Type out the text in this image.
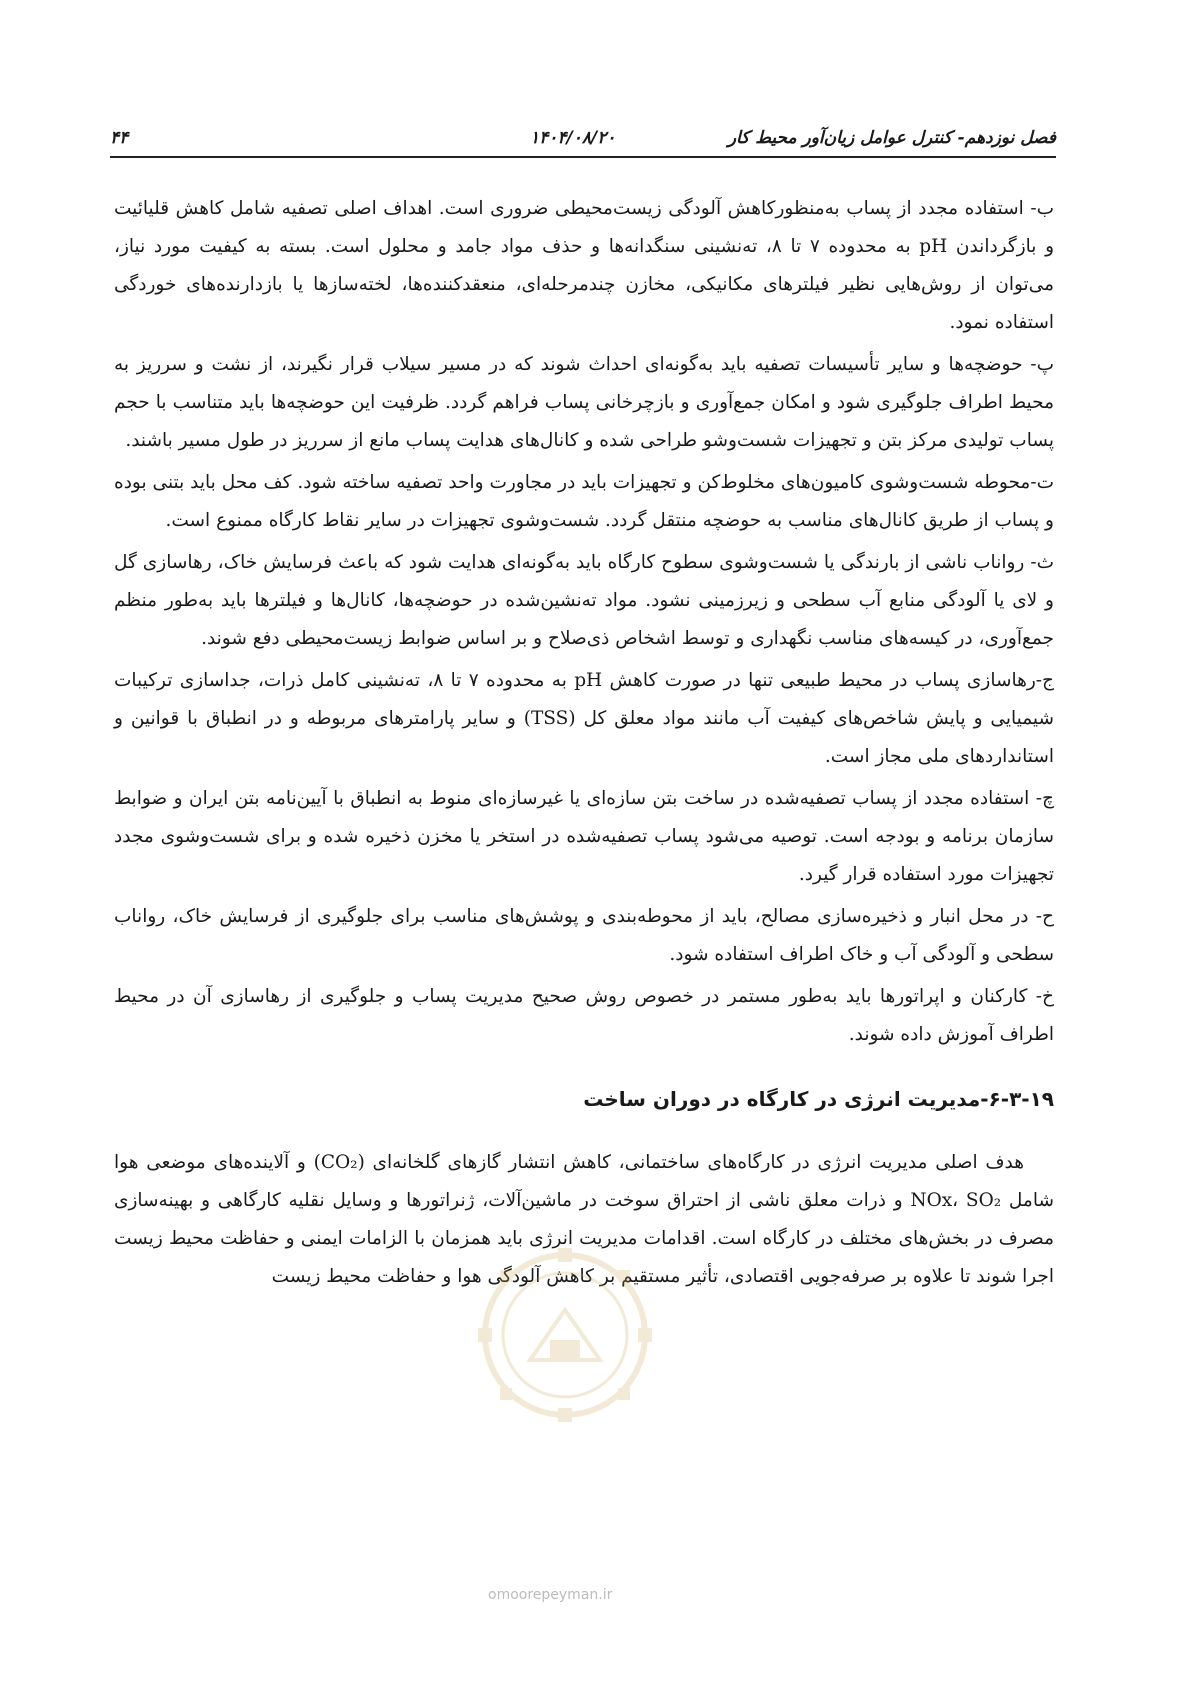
فصل نوزدهم- کنترل عوامل زیان‌آور محیط کار
۱۴۰۴/۰۸/۲۰
۴۴

ب- استفاده مجدد از پساب به‌منظورکاهش آلودگی زیست‌محیطی ضروری است. اهداف اصلی تصفیه شامل کاهش قلیائیت و بازگرداندن pH به محدوده ۷ تا ۸، ته‌نشینی سنگدانه‌ها و حذف مواد جامد و محلول است. بسته به کیفیت مورد نیاز، می‌توان از روش‌هایی نظیر فیلترهای مکانیکی، مخازن چندمرحله‌ای، منعقدکننده‌ها، لخته‌سازها یا بازدارنده‌های خوردگی استفاده نمود.

پ- حوضچه‌ها و سایر تأسیسات تصفیه باید به‌گونه‌ای احداث شوند که در مسیر سیلاب قرار نگیرند، از نشت و سرریز به محیط اطراف جلوگیری شود و امکان جمع‌آوری و بازچرخانی پساب فراهم گردد. ظرفیت این حوضچه‌ها باید متناسب با حجم پساب تولیدی مرکز بتن و تجهیزات شست‌وشو طراحی شده و کانال‌های هدایت پساب مانع از سرریز در طول مسیر باشند.

ت-محوطه شست‌وشوی کامیون‌های مخلوط‌کن و تجهیزات باید در مجاورت واحد تصفیه ساخته شود. کف محل باید بتنی بوده و پساب از طریق کانال‌های مناسب به حوضچه منتقل گردد. شست‌وشوی تجهیزات در سایر نقاط کارگاه ممنوع است.

ث- رواناب ناشی از بارندگی یا شست‌وشوی سطوح کارگاه باید به‌گونه‌ای هدایت شود که باعث فرسایش خاک، رهاسازی گل و لای یا آلودگی منابع آب سطحی و زیرزمینی نشود. مواد ته‌نشین‌شده در حوضچه‌ها، کانال‌ها و فیلترها باید به‌طور منظم جمع‌آوری، در کیسه‌های مناسب نگهداری و توسط اشخاص ذی‌صلاح و بر اساس ضوابط زیست‌محیطی دفع شوند.

ج-رهاسازی پساب در محیط طبیعی تنها در صورت کاهش pH به محدوده ۷ تا ۸، ته‌نشینی کامل ذرات، جداسازی ترکیبات شیمیایی و پایش شاخص‌های کیفیت آب مانند مواد معلق کل (TSS) و سایر پارامترهای مربوطه و در انطباق با قوانین و استانداردهای ملی مجاز است.

چ- استفاده مجدد از پساب تصفیه‌شده در ساخت بتن سازه‌ای یا غیرسازه‌ای منوط به انطباق با آیین‌نامه بتن ایران و ضوابط سازمان برنامه و بودجه است. توصیه می‌شود پساب تصفیه‌شده در استخر یا مخزن ذخیره شده و برای شست‌وشوی مجدد تجهیزات مورد استفاده قرار گیرد.

ح- در محل انبار و ذخیره‌سازی مصالح، باید از محوطه‌بندی و پوشش‌های مناسب برای جلوگیری از فرسایش خاک، رواناب سطحی و آلودگی آب و خاک اطراف استفاده شود.

خ- کارکنان و اپراتورها باید به‌طور مستمر در خصوص روش صحیح مدیریت پساب و جلوگیری از رهاسازی آن در محیط اطراف آموزش داده شوند.

۶-۳-۱۹-مدیریت انرژی در کارگاه در دوران ساخت

هدف اصلی مدیریت انرژی در کارگاه‌های ساختمانی، کاهش انتشار گازهای گلخانه‌ای (CO₂) و آلاینده‌های موضعی هوا شامل NOx، SO₂ و ذرات معلق ناشی از احتراق سوخت در ماشین‌آلات، ژنراتورها و وسایل نقلیه کارگاهی و بهینه‌سازی مصرف در بخش‌های مختلف در کارگاه است. اقدامات مدیریت انرژی باید همزمان با الزامات ایمنی و حفاظت محیط زیست اجرا شوند تا علاوه بر صرفه‌جویی اقتصادی، تأثیر مستقیم بر کاهش آلودگی هوا و حفاظت محیط زیست

omoorepeyman.ir
